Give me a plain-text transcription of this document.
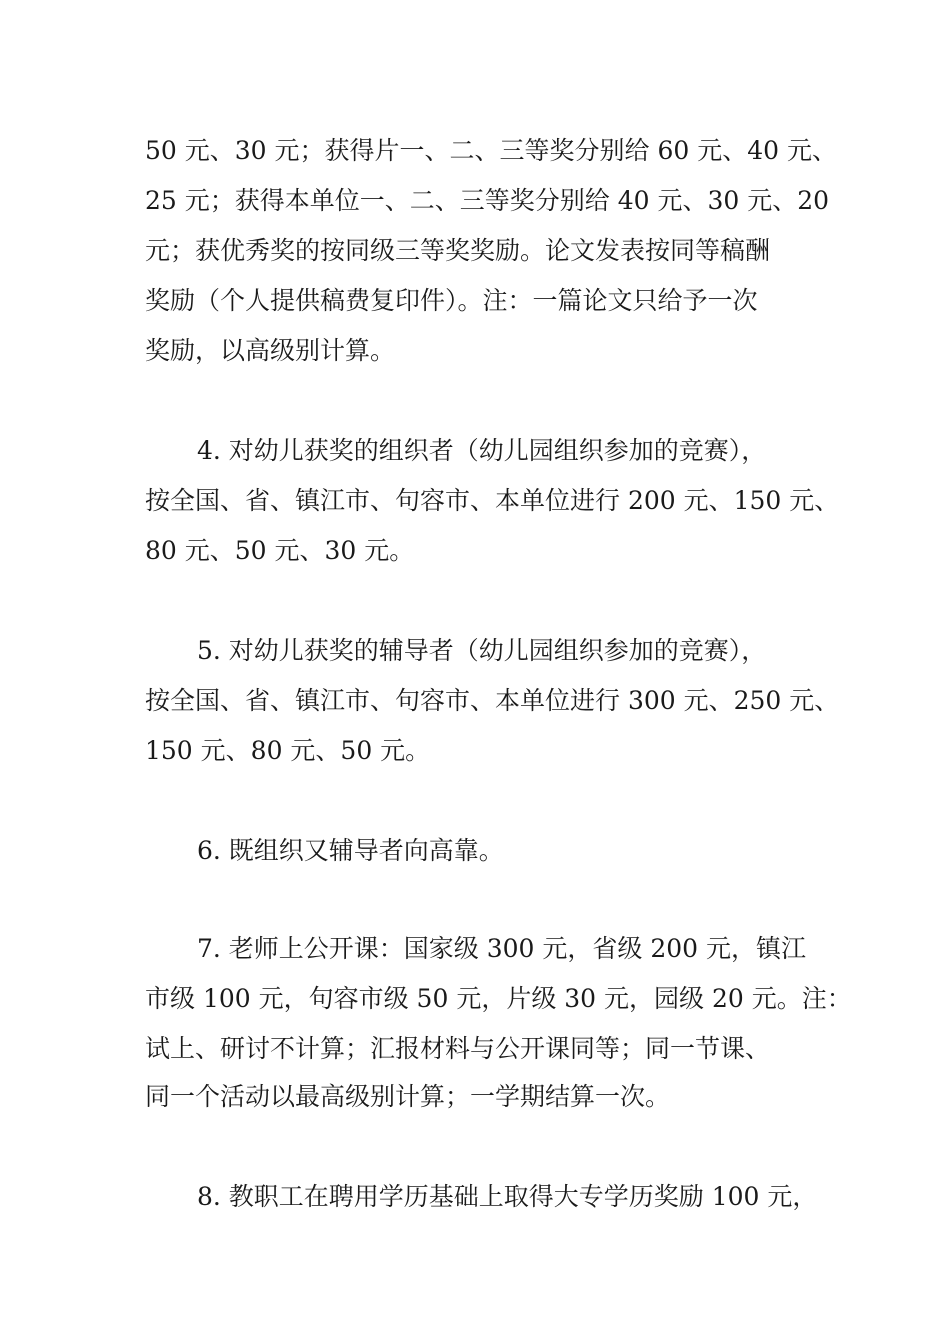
50 元、30 元；获得片一、二、三等奖分别给 60 元、40 元、
25 元；获得本单位一、二、三等奖分别给 40 元、30 元、20
元；获优秀奖的按同级三等奖奖励。论文发表按同等稿酬
奖励（个人提供稿费复印件）。注：一篇论文只给予一次
奖励，以高级别计算。
4. 对幼儿获奖的组织者（幼儿园组织参加的竞赛），
按全国、省、镇江市、句容市、本单位进行 200 元、150 元、
80 元、50 元、30 元。
5. 对幼儿获奖的辅导者（幼儿园组织参加的竞赛），
按全国、省、镇江市、句容市、本单位进行 300 元、250 元、
150 元、80 元、50 元。
6. 既组织又辅导者向高靠。
7. 老师上公开课：国家级 300 元，省级 200 元，镇江
市级 100 元，句容市级 50 元，片级 30 元，园级 20 元。注：
试上、研讨不计算；汇报材料与公开课同等；同一节课、
同一个活动以最高级别计算；一学期结算一次。
8. 教职工在聘用学历基础上取得大专学历奖励 100 元，
